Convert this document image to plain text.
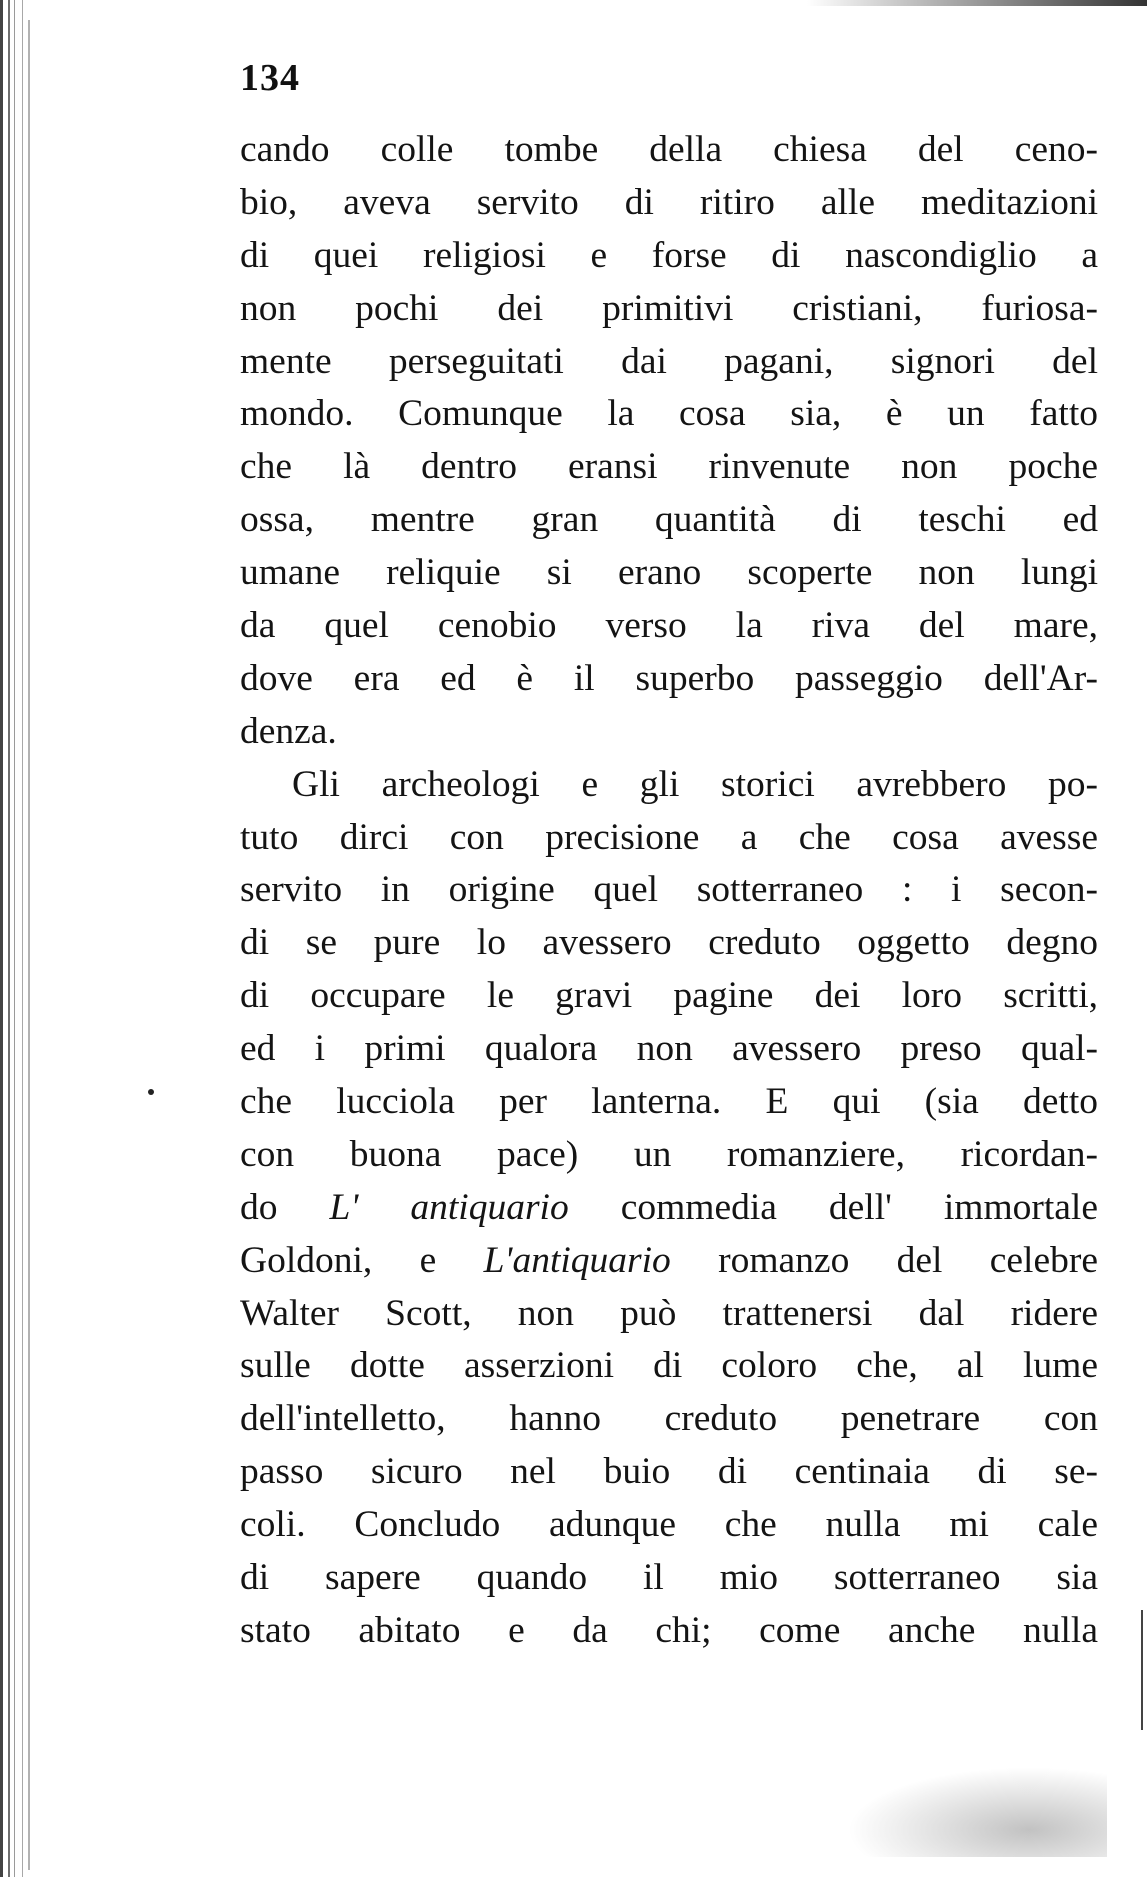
134
cando colle tombe della chiesa del ceno-
bio, aveva servito di ritiro alle meditazioni
di quei religiosi e forse di nascondiglio a
non pochi dei primitivi cristiani, furiosa-
mente perseguitati dai pagani, signori del
mondo. Comunque la cosa sia, è un fatto
che là dentro eransi rinvenute non poche
ossa, mentre gran quantità di teschi ed
umane reliquie si erano scoperte non lungi
da quel cenobio verso la riva del mare,
dove era ed è il superbo passeggio dell'Ar-
denza.
Gli archeologi e gli storici avrebbero po-
tuto dirci con precisione a che cosa avesse
servito in origine quel sotterraneo : i secon-
di se pure lo avessero creduto oggetto degno
di occupare le gravi pagine dei loro scritti,
ed i primi qualora non avessero preso qual-
che lucciola per lanterna. E qui (sia detto
con buona pace) un romanziere, ricordan-
do L' antiquario commedia dell' immortale
Goldoni, e L'antiquario romanzo del celebre
Walter Scott, non può trattenersi dal ridere
sulle dotte asserzioni di coloro che, al lume
dell'intelletto, hanno creduto penetrare con
passo sicuro nel buio di centinaia di se-
coli. Concludo adunque che nulla mi cale
di sapere quando il mio sotterraneo sia
stato abitato e da chi; come anche nulla
